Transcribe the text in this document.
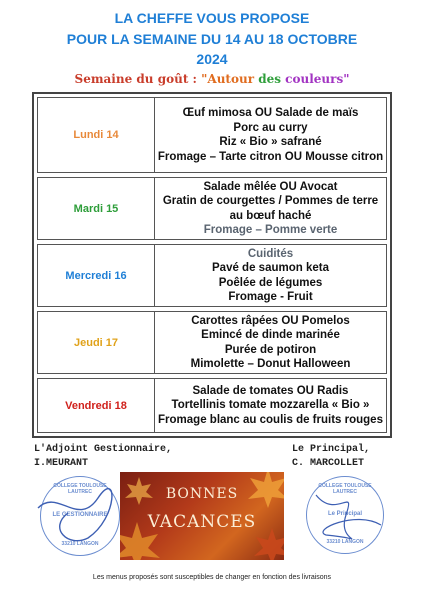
LA CHEFFE VOUS PROPOSE
POUR LA SEMAINE DU 14 AU 18 OCTOBRE
2024
Semaine du goût : "Autour des couleurs"
Lundi 14
Œuf mimosa OU Salade de maïs
Porc au curry
Riz « Bio » safrané
Fromage – Tarte citron OU Mousse citron
Mardi 15
Salade mêlée OU Avocat
Gratin de courgettes / Pommes de terre au bœuf haché
Fromage – Pomme verte
Mercredi 16
Cuidités
Pavé de saumon keta
Poêlée de légumes
Fromage - Fruit
Jeudi 17
Carottes râpées OU Pomelos
Emincé de dinde marinée
Purée de potiron
Mimolette – Donut Halloween
Vendredi 18
Salade de tomates OU Radis
Tortellinis tomate mozzarella « Bio »
Fromage blanc au coulis de fruits rouges
L'Adjoint Gestionnaire,
I.MEURANT
Le Principal,
C. MARCOLLET
COLLEGE TOULOUSE LAUTREC
LE GESTIONNAIRE
33210 LANGON
COLLEGE TOULOUSE LAUTREC
Le Principal
33210 LANGON
BONNES
VACANCES
Les menus proposés sont susceptibles de changer en fonction des livraisons
